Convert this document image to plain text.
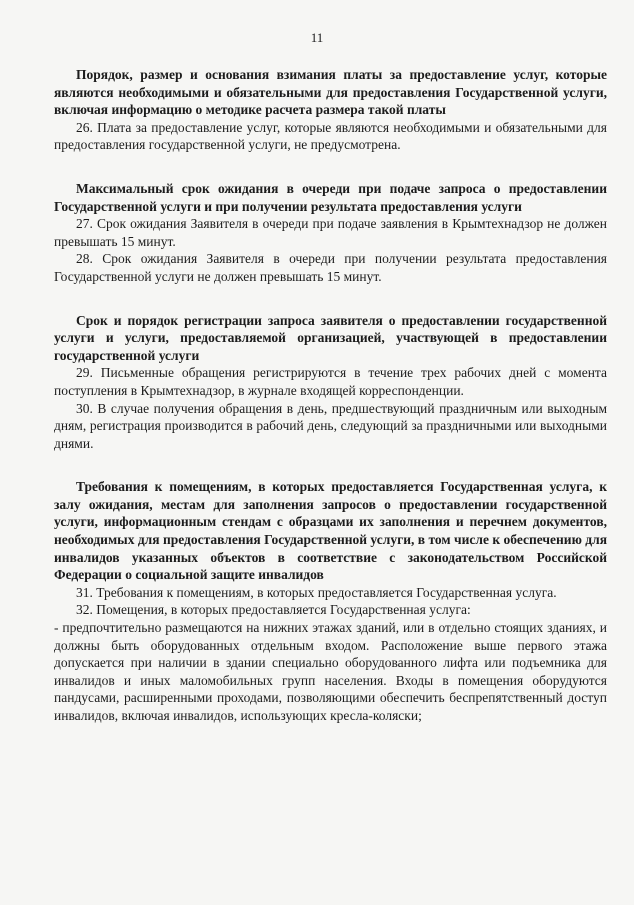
11

Порядок, размер и основания взимания платы за предоставление услуг, которые являются необходимыми и обязательными для предоставления Государственной услуги, включая информацию о методике расчета размера такой платы

26. Плата за предоставление услуг, которые являются необходимыми и обязательными для предоставления государственной услуги, не предусмотрена.

Максимальный срок ожидания в очереди при подаче запроса о предоставлении Государственной услуги и при получении результата предоставления услуги

27. Срок ожидания Заявителя в очереди при подаче заявления в Крымтехнадзор не должен превышать 15 минут.

28. Срок ожидания Заявителя в очереди при получении результата предоставления Государственной услуги не должен превышать 15 минут.

Срок и порядок регистрации запроса заявителя о предоставлении государственной услуги и услуги, предоставляемой организацией, участвующей в предоставлении государственной услуги

29. Письменные обращения регистрируются в течение трех рабочих дней с момента поступления в Крымтехнадзор, в журнале входящей корреспонденции.

30. В случае получения обращения в день, предшествующий праздничным или выходным дням, регистрация производится в рабочий день, следующий за праздничными или выходными днями.

Требования к помещениям, в которых предоставляется Государственная услуга, к залу ожидания, местам для заполнения запросов о предоставлении государственной услуги, информационным стендам с образцами их заполнения и перечнем документов, необходимых для предоставления Государственной услуги, в том числе к обеспечению для инвалидов указанных объектов в соответствие с законодательством Российской Федерации о социальной защите инвалидов

31. Требования к помещениям, в которых предоставляется Государственная услуга.

32. Помещения, в которых предоставляется Государственная услуга:

- предпочтительно размещаются на нижних этажах зданий, или в отдельно стоящих зданиях, и должны быть оборудованных отдельным входом. Расположение выше первого этажа допускается при наличии в здании специально оборудованного лифта или подъемника для инвалидов и иных маломобильных групп населения. Входы в помещения оборудуются пандусами, расширенными проходами, позволяющими обеспечить беспрепятственный доступ инвалидов, включая инвалидов, использующих кресла-коляски;
